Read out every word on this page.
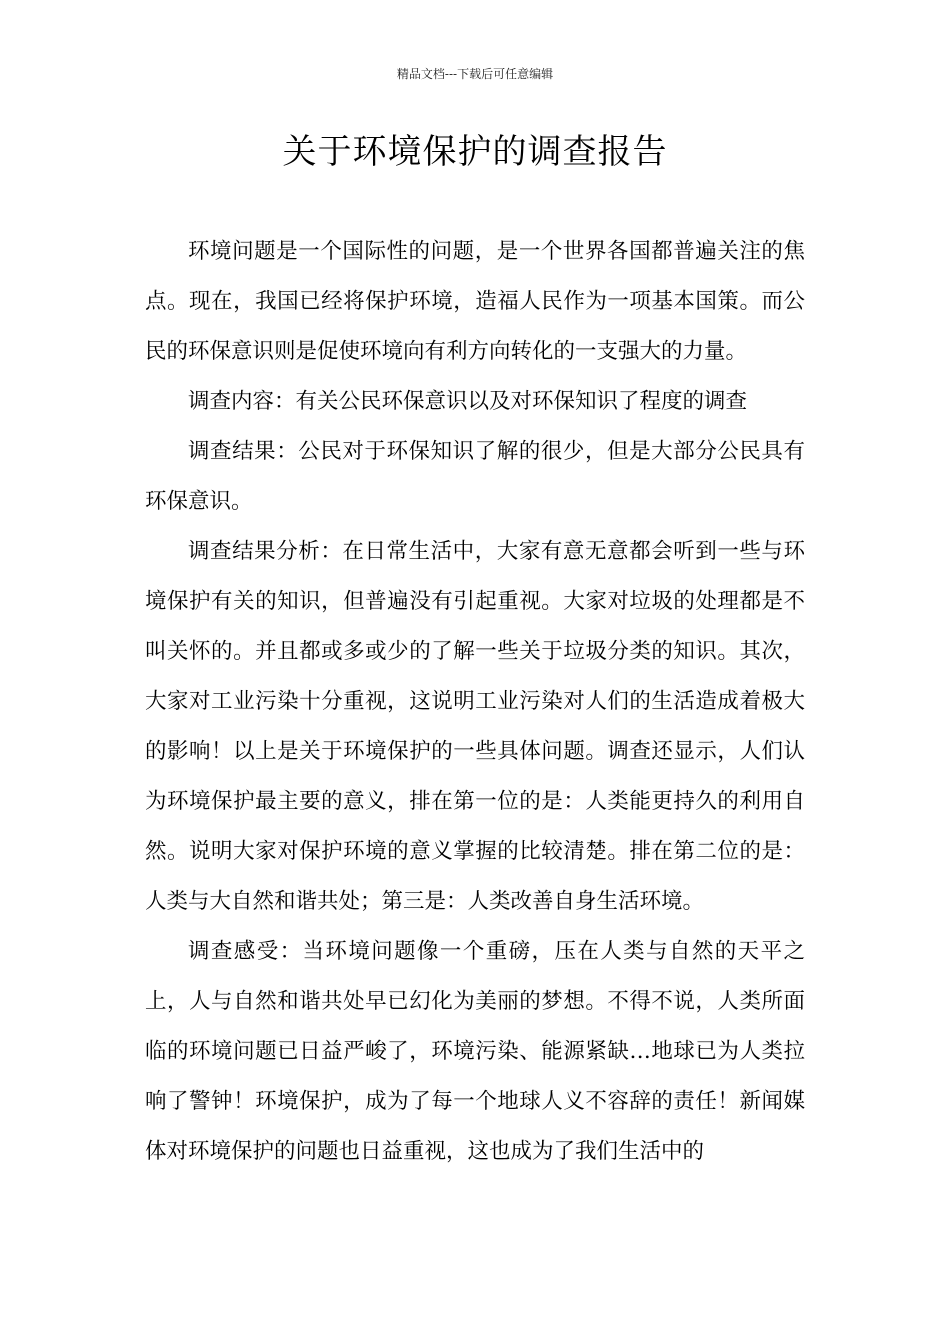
精品文档---下载后可任意编辑
关于环境保护的调查报告

环境问题是一个国际性的问题，是一个世界各国都普遍关注的焦点。现在，我国已经将保护环境，造福人民作为一项基本国策。而公民的环保意识则是促使环境向有利方向转化的一支强大的力量。

调查内容：有关公民环保意识以及对环保知识了程度的调查

调查结果：公民对于环保知识了解的很少，但是大部分公民具有环保意识。

调查结果分析：在日常生活中，大家有意无意都会听到一些与环境保护有关的知识，但普遍没有引起重视。大家对垃圾的处理都是不叫关怀的。并且都或多或少的了解一些关于垃圾分类的知识。其次，大家对工业污染十分重视，这说明工业污染对人们的生活造成着极大的影响！以上是关于环境保护的一些具体问题。调查还显示，人们认为环境保护最主要的意义，排在第一位的是：人类能更持久的利用自然。说明大家对保护环境的意义掌握的比较清楚。排在第二位的是：人类与大自然和谐共处；第三是：人类改善自身生活环境。

调查感受：当环境问题像一个重磅，压在人类与自然的天平之上，人与自然和谐共处早已幻化为美丽的梦想。不得不说，人类所面临的环境问题已日益严峻了，环境污染、能源紧缺…地球已为人类拉响了警钟！环境保护，成为了每一个地球人义不容辞的责任！新闻媒体对环境保护的问题也日益重视，这也成为了我们生活中的
